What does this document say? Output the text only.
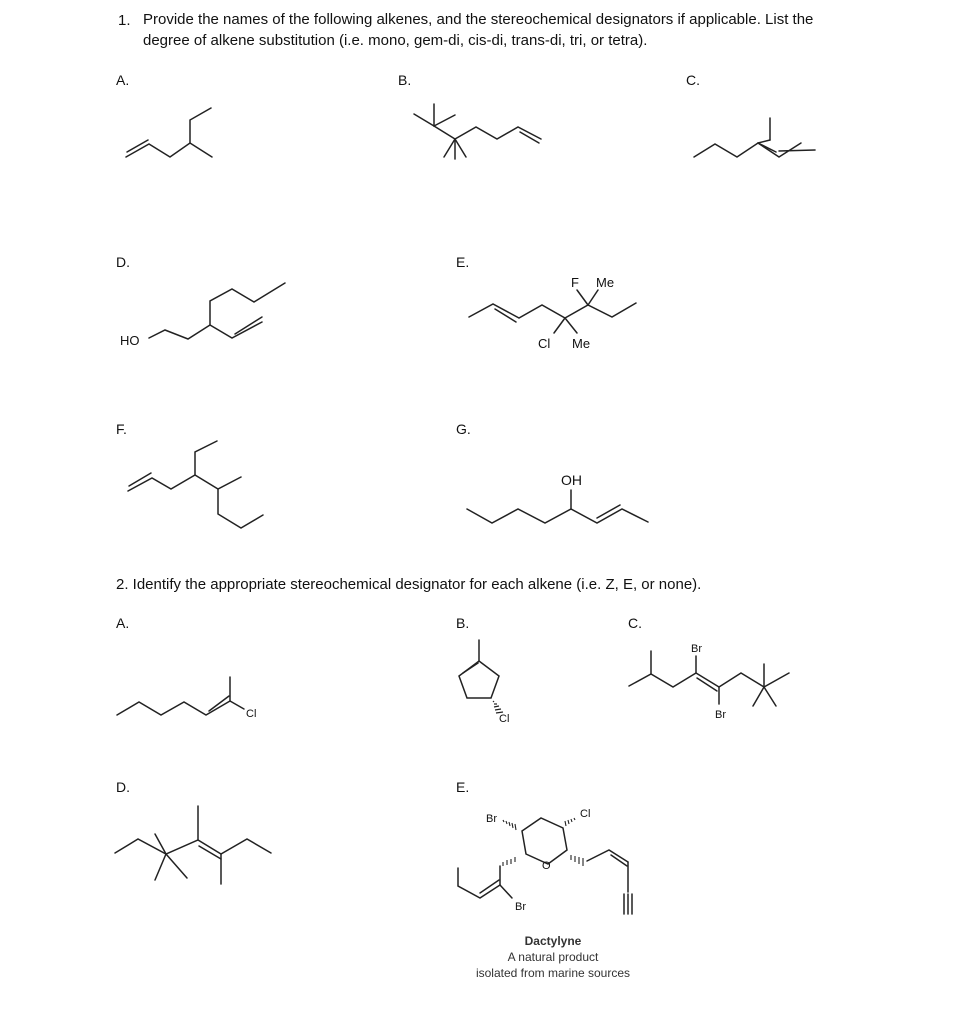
1. Provide the names of the following alkenes, and the stereochemical designators if applicable. List the
degree of alkene substitution (i.e. mono, gem-di, cis-di, trans-di, tri, or tetra).
A.	B.	C.
D.	E.
F.	G.
2. Identify the appropriate stereochemical designator for each alkene (i.e. Z, E, or none).
A.	B.	C.
D.	E.
HO
F Me
Cl Me
OH
Cl	Cl
Br
Br
O
Br	Cl
Br
Dactylyne
A natural product
isolated from marine sources
